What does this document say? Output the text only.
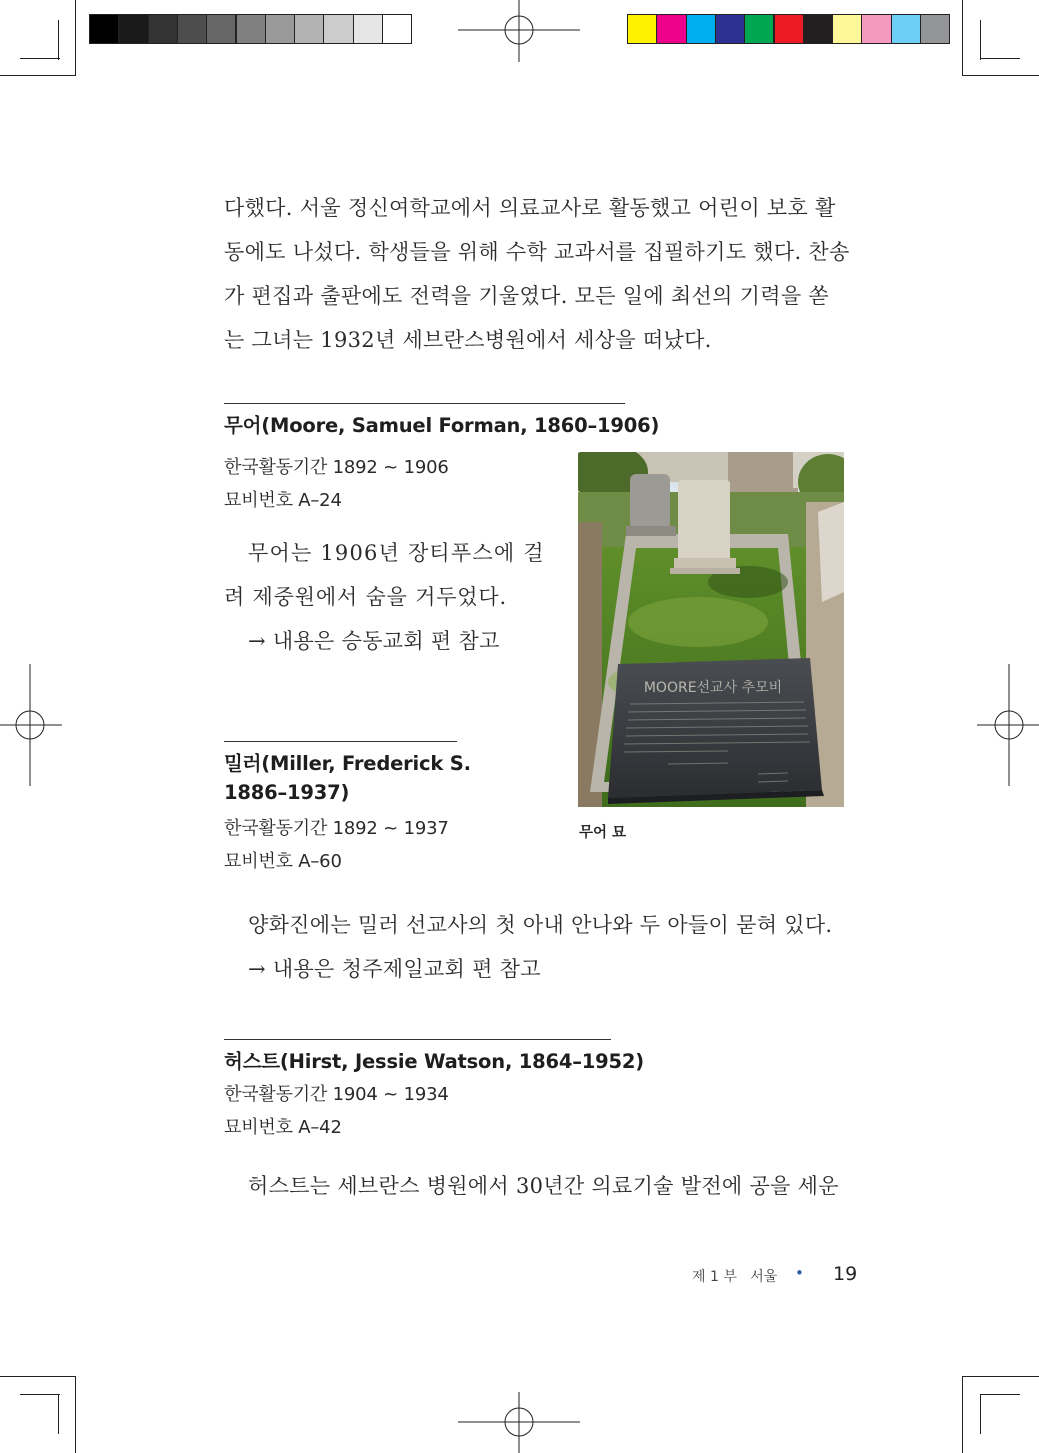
다했다. 서울 정신여학교에서 의료교사로 활동했고 어린이 보호 활
동에도 나섰다. 학생들을 위해 수학 교과서를 집필하기도 했다. 찬송
가 편집과 출판에도 전력을 기울였다. 모든 일에 최선의 기력을 쏟
는 그녀는 1932년 세브란스병원에서 세상을 떠났다.
무어(Moore, Samuel Forman, 1860–1906)
한국활동기간 1892 ~ 1906
묘비번호 A–24
무어는 1906년 장티푸스에 걸
려 제중원에서 숨을 거두었다.
→ 내용은 승동교회 편 참고
MOORE선교사 추모비
무어 묘
밀러(Miller, Frederick S.
1886–1937)
한국활동기간 1892 ~ 1937
묘비번호 A–60
양화진에는 밀러 선교사의 첫 아내 안나와 두 아들이 묻혀 있다.
→ 내용은 청주제일교회 편 참고
허스트(Hirst, Jessie Watson, 1864–1952)
한국활동기간 1904 ~ 1934
묘비번호 A–42
허스트는 세브란스 병원에서 30년간 의료기술 발전에 공을 세운
제 1 부   서울 • 19
